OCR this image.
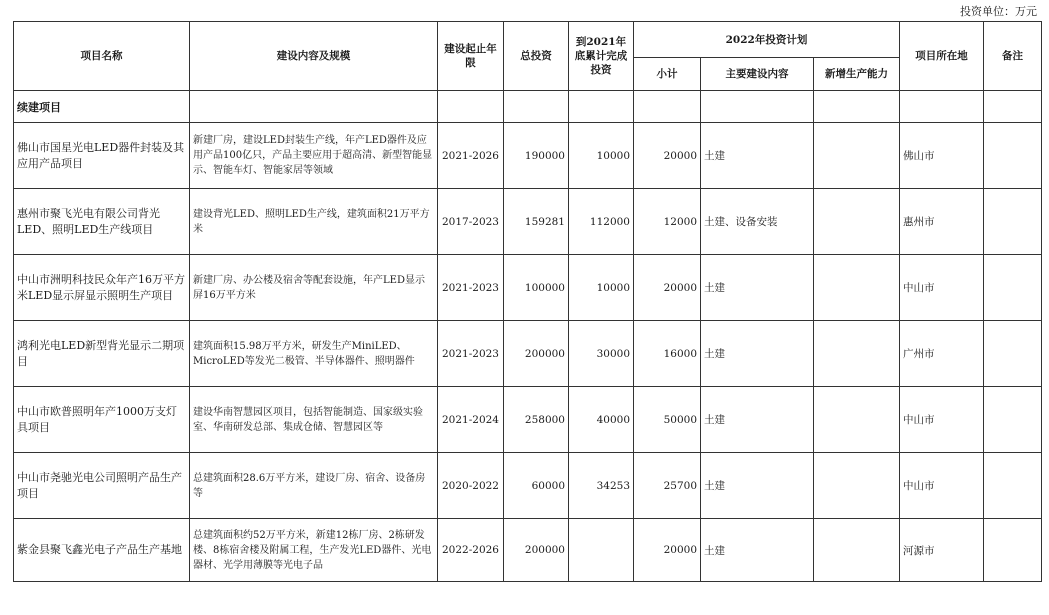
投资单位：万元
项目名称	建设内容及规模	建设起止年限	总投资	到2021年底累计完成投资	2022年投资计划			项目所在地	备注
					小计	主要建设内容	新增生产能力		
续建项目									
佛山市国星光电LED器件封装及其应用产品项目	新建厂房，建设LED封装生产线，年产LED器件及应用产品100亿只，产品主要应用于超高清、新型智能显示、智能车灯、智能家居等领域	2021-2026	190000	10000	20000	土建		佛山市	
惠州市聚飞光电有限公司背光LED、照明LED生产线项目	建设背光LED、照明LED生产线，建筑面积21万平方米	2017-2023	159281	112000	12000	土建、设备安装		惠州市	
中山市洲明科技民众年产16万平方米LED显示屏显示照明生产项目	新建厂房、办公楼及宿舍等配套设施，年产LED显示屏16万平方米	2021-2023	100000	10000	20000	土建		中山市	
鸿利光电LED新型背光显示二期项目	建筑面积15.98万平方米，研发生产MiniLED、MicroLED等发光二极管、半导体器件、照明器件	2021-2023	200000	30000	16000	土建		广州市	
中山市欧普照明年产1000万支灯具项目	建设华南智慧园区项目，包括智能制造、国家级实验室、华南研发总部、集成仓储、智慧园区等	2021-2024	258000	40000	50000	土建		中山市	
中山市尧驰光电公司照明产品生产项目	总建筑面积28.6万平方米，建设厂房、宿舍、设备房等	2020-2022	60000	34253	25700	土建		中山市	
紫金县聚飞鑫光电子产品生产基地	总建筑面积约52万平方米，新建12栋厂房、2栋研发楼、8栋宿舍楼及附属工程，生产发光LED器件、光电器材、光学用薄膜等光电子品	2022-2026	200000		20000	土建		河源市	
